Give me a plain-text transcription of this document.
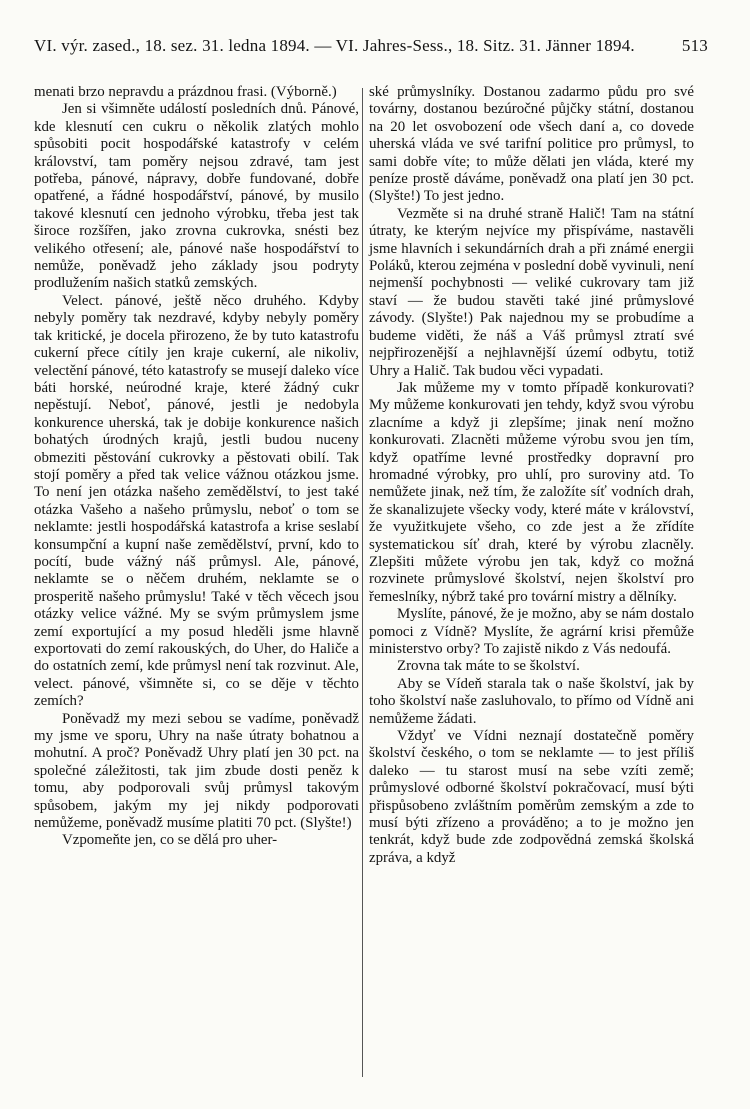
VI. výr. zased., 18. sez. 31. ledna 1894. — VI. Jahres-Sess., 18. Sitz. 31. Jänner 1894.	513

menati brzo nepravdu a prázdnou frasi. (Výborně.)

Jen si všimněte událostí posledních dnů. Pánové, kde klesnutí cen cukru o několik zlatých mohlo spůsobiti pocit hospodářské katastrofy v celém království, tam poměry nejsou zdravé, tam jest potřeba, pánové, nápravy, dobře fundované, dobře opatřené, a řádné hospodářství, pánové, by musilo takové klesnutí cen jednoho výrobku, třeba jest tak široce rozšířen, jako zrovna cukrovka, snésti bez velikého otřesení; ale, pánové naše hospodářství to nemůže, poněvadž jeho základy jsou podryty prodlužením našich statků zemských.

Velect. pánové, ještě něco druhého. Kdyby nebyly poměry tak nezdravé, kdyby nebyly poměry tak kritické, je docela přirozeno, že by tuto katastrofu cukerní přece cítily jen kraje cukerní, ale nikoliv, velectění pánové, této katastrofy se musejí daleko více báti horské, neúrodné kraje, které žádný cukr nepěstují. Neboť, pánové, jestli je nedobyla konkurence uherská, tak je dobije konkurence našich bohatých úrodných krajů, jestli budou nuceny obmeziti pěstování cukrovky a pěstovati obilí. Tak stojí poměry a před tak velice vážnou otázkou jsme. To není jen otázka našeho zemědělství, to jest také otázka Vašeho a našeho průmyslu, neboť o tom se neklamte: jestli hospodářská katastrofa a krise seslabí konsumpční a kupní naše zemědělství, první, kdo to pocítí, bude vážný náš průmysl. Ale, pánové, neklamte se o něčem druhém, neklamte se o prosperitě našeho průmyslu! Také v těch věcech jsou otázky velice vážné. My se svým průmyslem jsme zemí exportující a my posud hleděli jsme hlavně exportovati do zemí rakouských, do Uher, do Haliče a do ostatních zemí, kde průmysl není tak rozvinut. Ale, velect. pánové, všimněte si, co se děje v těchto zemích?

Poněvadž my mezi sebou se vadíme, poněvadž my jsme ve sporu, Uhry na naše útraty bohatnou a mohutní. A proč? Poněvadž Uhry platí jen 30 pct. na společné záležitosti, tak jim zbude dosti peněz k tomu, aby podporovali svůj průmysl takovým spůsobem, jakým my jej nikdy podporovati nemůžeme, poněvadž musíme platiti 70 pct. (Slyšte!)

Vzpomeňte jen, co se dělá pro uher-

ské průmyslníky. Dostanou zadarmo půdu pro své továrny, dostanou bezúročné půjčky státní, dostanou na 20 let osvobození ode všech daní a, co dovede uherská vláda ve své tarifní politice pro průmysl, to sami dobře víte; to může dělati jen vláda, které my peníze prostě dáváme, poněvadž ona platí jen 30 pct. (Slyšte!) To jest jedno.

Vezměte si na druhé straně Halič! Tam na státní útraty, ke kterým nejvíce my přispíváme, nastavěli jsme hlavních i sekundárních drah a při známé energii Poláků, kterou zejména v poslední době vyvinuli, není nejmenší pochybnosti — veliké cukrovary tam již staví — že budou stavěti také jiné průmyslové závody. (Slyšte!) Pak najednou my se probudíme a budeme viděti, že náš a Váš průmysl ztratí své nejpřirozenější a nejhlavnější území odbytu, totiž Uhry a Halič. Tak budou věci vypadati.

Jak můžeme my v tomto případě konkurovati? My můžeme konkurovati jen tehdy, když svou výrobu zlacníme a když ji zlepšíme; jinak není možno konkurovati. Zlacněti můžeme výrobu svou jen tím, když opatříme levné prostředky dopravní pro hromadné výrobky, pro uhlí, pro suroviny atd. To nemůžete jinak, než tím, že založíte síť vodních drah, že skanalizujete všecky vody, které máte v království, že využitkujete všeho, co zde jest a že zřídíte systematickou síť drah, které by výrobu zlacněly. Zlepšiti můžete výrobu jen tak, když co možná rozvinete průmyslové školství, nejen školství pro řemeslníky, nýbrž také pro tovární mistry a dělníky.

Myslíte, pánové, že je možno, aby se nám dostalo pomoci z Vídně? Myslíte, že agrární krisi přemůže ministerstvo orby? To zajistě nikdo z Vás nedoufá.

Zrovna tak máte to se školství.

Aby se Vídeň starala tak o naše školství, jak by toho školství naše zasluhovalo, to přímo od Vídně ani nemůžeme žádati.

Vždyť ve Vídni neznají dostatečně poměry školství českého, o tom se neklamte — to jest příliš daleko — tu starost musí na sebe vzíti země; průmyslové odborné školství pokračovací, musí býti přispůsobeno zvláštním poměrům zemským a zde to musí býti zřízeno a prováděno; a to je možno jen tenkrát, když bude zde zodpovědná zemská školská zpráva, a když
